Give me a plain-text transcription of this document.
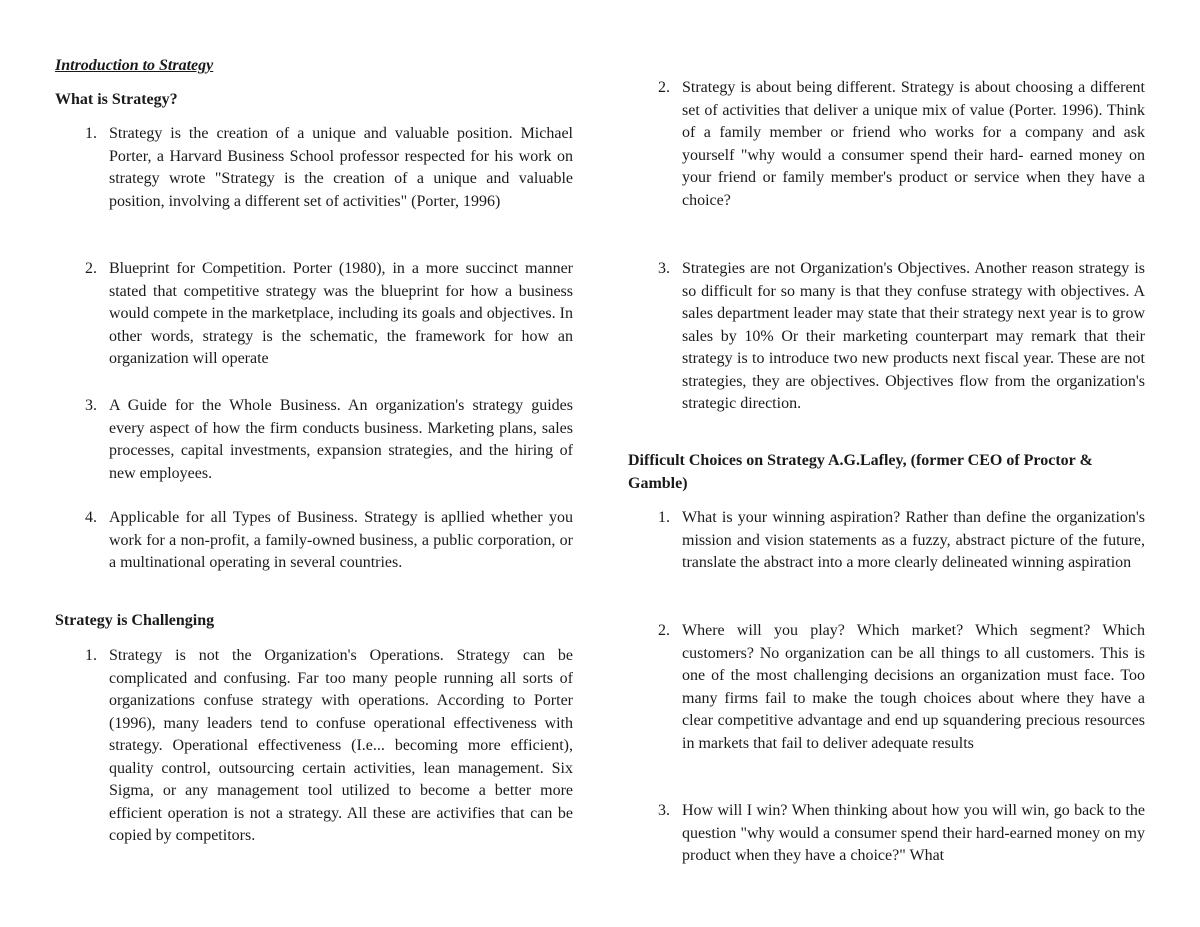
Introduction to Strategy
What is Strategy?
1. Strategy is the creation of a unique and valuable position. Michael Porter, a Harvard Business School professor respected for his work on strategy wrote "Strategy is the creation of a unique and valuable position, involving a different set of activities" (Porter, 1996)

2. Blueprint for Competition. Porter (1980), in a more succinct manner stated that competitive strategy was the blueprint for how a business would compete in the marketplace, including its goals and objectives. In other words, strategy is the schematic, the framework for how an organization will operate

3. A Guide for the Whole Business. An organization's strategy guides every aspect of how the firm conducts business. Marketing plans, sales processes, capital investments, expansion strategies, and the hiring of new employees.

4. Applicable for all Types of Business. Strategy is apllied whether you work for a non-profit, a family-owned business, a public corporation, or a multinational operating in several countries.

Strategy is Challenging
1. Strategy is not the Organization's Operations. Strategy can be complicated and confusing. Far too many people running all sorts of organizations confuse strategy with operations. According to Porter (1996), many leaders tend to confuse operational effectiveness with strategy. Operational effectiveness (I.e... becoming more efficient), quality control, outsourcing certain activities, lean management. Six Sigma, or any management tool utilized to become a better more efficient operation is not a strategy. All these are activifies that can be copied by competitors.

2. Strategy is about being different. Strategy is about choosing a different set of activities that deliver a unique mix of value (Porter. 1996). Think of a family member or friend who works for a company and ask yourself "why would a consumer spend their hard- earned money on your friend or family member's product or service when they have a choice?

3. Strategies are not Organization's Objectives. Another reason strategy is so difficult for so many is that they confuse strategy with objectives. A sales department leader may state that their strategy next year is to grow sales by 10% Or their marketing counterpart may remark that their strategy is to introduce two new products next fiscal year. These are not strategies, they are objectives. Objectives flow from the organization's strategic direction.

Difficult Choices on Strategy A.G.Lafley, (former CEO of Proctor & Gamble)
1. What is your winning aspiration? Rather than define the organization's mission and vision statements as a fuzzy, abstract picture of the future, translate the abstract into a more clearly delineated winning aspiration

2. Where will you play? Which market? Which segment? Which customers? No organization can be all things to all customers. This is one of the most challenging decisions an organization must face. Too many firms fail to make the tough choices about where they have a clear competitive advantage and end up squandering precious resources in markets that fail to deliver adequate results

3. How will I win? When thinking about how you will win, go back to the question "why would a consumer spend their hard-earned money on my product when they have a choice?" What
